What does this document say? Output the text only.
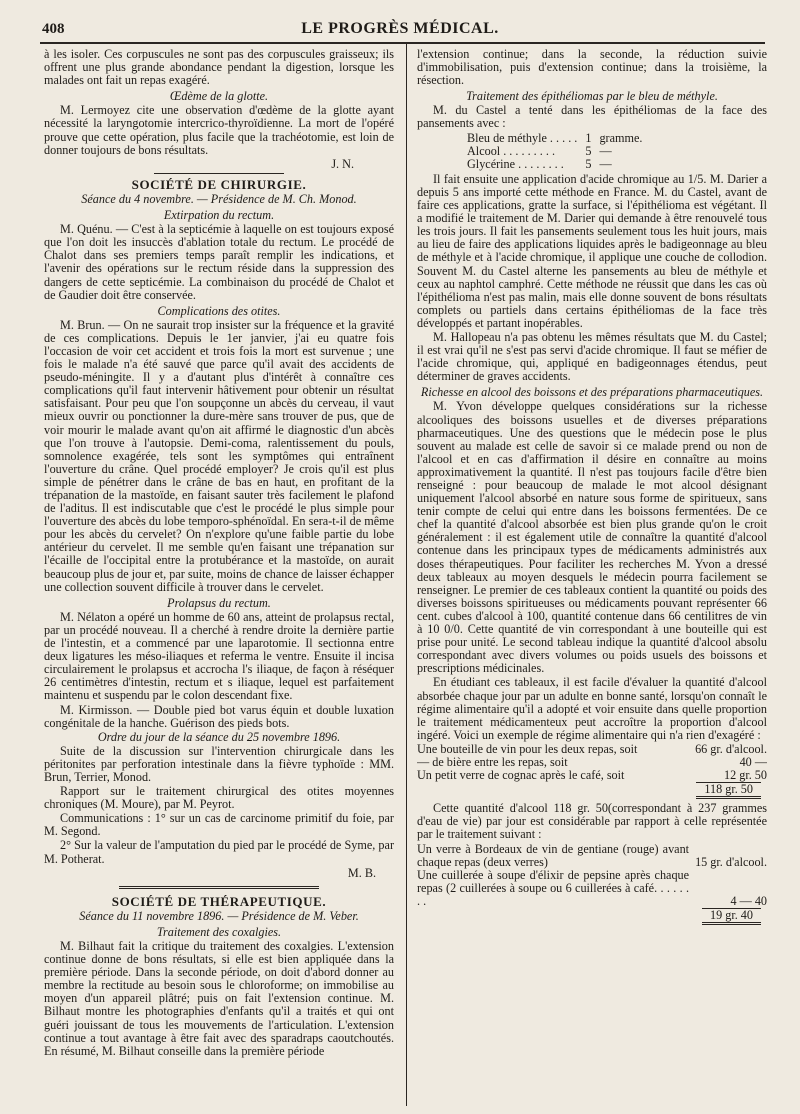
408	LE PROGRÈS MÉDICAL.

à les isoler. Ces corpuscules ne sont pas des corpuscules graisseux; ils offrent une plus grande abondance pendant la digestion, lorsque les malades ont fait un repas exagéré.

Œdème de la glotte.

M. Lermoyez cite une observation d'œdème de la glotte ayant nécessité la laryngotomie intercrico-thyroïdienne. La mort de l'opéré prouve que cette opération, plus facile que la trachéotomie, est loin de donner toujours de bons résultats.

J. N.
SOCIÉTÉ DE CHIRURGIE.
Séance du 4 novembre. — Présidence de M. Ch. Monod.
Extirpation du rectum.

M. Quénu. — C'est à la septicémie à laquelle on est toujours exposé que l'on doit les insuccès d'ablation totale du rectum. Le procédé de Chalot dans ses premiers temps paraît remplir les indications, et l'avenir des opérations sur le rectum réside dans la suppression des dangers de cette septicémie. La combinaison du procédé de Chalot et de Gaudier doit être conservée.

Complications des otites.

M. Brun. — On ne saurait trop insister sur la fréquence et la gravité de ces complications. Depuis le 1er janvier, j'ai eu quatre fois l'occasion de voir cet accident et trois fois la mort est survenue ; une fois le malade n'a été sauvé que parce qu'il avait des accidents de pseudo-méningite. Il y a d'autant plus d'intérêt à connaître ces complications qu'il faut intervenir hâtivement pour obtenir un résultat satisfaisant. Pour peu que l'on soupçonne un abcès du cerveau, il vaut mieux ouvrir ou ponctionner la dure-mère sans trouver de pus, que de voir mourir le malade avant qu'on ait affirmé le diagnostic d'un abcès que l'on trouve à l'autopsie. Demi-coma, ralentissement du pouls, somnolence exagérée, tels sont les symptômes qui entraînent l'ouverture du crâne. Quel procédé employer? Je crois qu'il est plus simple de pénétrer dans le crâne de bas en haut, en profitant de la trépanation de la mastoïde, en faisant sauter très facilement le plafond de l'aditus. Il est indiscutable que c'est le procédé le plus simple pour l'ouverture des abcès du lobe temporo-sphénoïdal. En sera-t-il de même pour les abcès du cervelet? On n'explore qu'une faible partie du lobe antérieur du cervelet. Il me semble qu'en faisant une trépanation sur l'écaille de l'occipital entre la protubérance et la mastoïde, on aurait beaucoup plus de jour et, par suite, moins de chance de laisser échapper une collection souvent difficile à trouver dans le cervelet.

Prolapsus du rectum.

M. Nélaton a opéré un homme de 60 ans, atteint de prolapsus rectal, par un procédé nouveau. Il a cherché à rendre droite la dernière partie de l'intestin, et a commencé par une laparotomie. Il sectionna entre deux ligatures les méso-iliaques et referma le ventre. Ensuite il incisa circulairement le prolapsus et accrocha l's iliaque, de façon à réséquer 26 centimètres d'intestin, rectum et s iliaque, lequel est parfaitement maintenu et suspendu par le colon descendant fixe.

M. Kirmisson. — Double pied bot varus équin et double luxation congénitale de la hanche. Guérison des pieds bots.

Ordre du jour de la séance du 25 novembre 1896.

Suite de la discussion sur l'intervention chirurgicale dans les péritonites par perforation intestinale dans la fièvre typhoïde : MM. Brun, Terrier, Monod.

Rapport sur le traitement chirurgical des otites moyennes chroniques (M. Moure), par M. Peyrot.

Communications : 1° sur un cas de carcinome primitif du foie, par M. Segond.

2° Sur la valeur de l'amputation du pied par le procédé de Syme, par M. Potherat.

M. B.
SOCIÉTÉ DE THÉRAPEUTIQUE.
Séance du 11 novembre 1896. — Présidence de M. Veber.
Traitement des coxalgies.

M. Bilhaut fait la critique du traitement des coxalgies. L'extension continue donne de bons résultats, si elle est bien appliquée dans la première période. Dans la seconde période, on doit d'abord donner au membre la rectitude au besoin sous le chloroforme; on immobilise au moyen d'un appareil plâtré; puis on fait l'extension continue. M. Bilhaut montre les photographies d'enfants qu'il a traités et qui ont guéri jouissant de tous les mouvements de l'articulation. L'extension continue a tout avantage à être fait avec des sparadraps caoutchoutés. En résumé, M. Bilhaut conseille dans la première période

l'extension continue; dans la seconde, la réduction suivie d'immobilisation, puis d'extension continue; dans la troisième, la résection.

Traitement des épithéliomas par le bleu de méthyle.

M. du Castel a tenté dans les épithéliomas de la face des pansements avec :

Bleu de méthyle . . . . .	1	gramme.
Alcool . . . . . . . . .	5	—
Glycérine . . . . . . . .	5	—

Il fait ensuite une application d'acide chromique au 1/5. M. Darier a depuis 5 ans importé cette méthode en France. M. du Castel, avant de faire ces applications, gratte la surface, si l'épithélioma est végétant. Il a modifié le traitement de M. Darier qui demande à être renouvelé tous les trois jours. Il fait les pansements seulement tous les huit jours, mais au lieu de faire des applications liquides après le badigeonnage au bleu de méthyle et à l'acide chromique, il applique une couche de collodion. Souvent M. du Castel alterne les pansements au bleu de méthyle et ceux au naphtol camphré. Cette méthode ne réussit que dans les cas où l'épithélioma n'est pas malin, mais elle donne souvent de bons résultats complets ou partiels dans certains épithéliomas de la face très développés et partant inopérables.

M. Hallopeau n'a pas obtenu les mêmes résultats que M. du Castel; il est vrai qu'il ne s'est pas servi d'acide chromique. Il faut se méfier de l'acide chromique, qui, appliqué en badigeonnages étendus, peut déterminer de graves accidents.

Richesse en alcool des boissons et des préparations pharmaceutiques.

M. Yvon développe quelques considérations sur la richesse alcooliques des boissons usuelles et de diverses préparations pharmaceutiques. Une des questions que le médecin pose le plus souvent au malade est celle de savoir si ce malade prend ou non de l'alcool et en cas d'affirmation il désire en connaître au moins approximativement la quantité. Il n'est pas toujours facile d'être bien renseigné : pour beaucoup de malade le mot alcool désignant uniquement l'alcool absorbé en nature sous forme de spiritueux, sans tenir compte de celui qui entre dans les boissons fermentées. De ce chef la quantité d'alcool absorbée est bien plus grande qu'on le croit généralement : il est également utile de connaître la quantité d'alcool contenue dans les principaux types de médicaments administrés aux doses thérapeutiques. Pour faciliter les recherches M. Yvon a dressé deux tableaux au moyen desquels le médecin pourra facilement se renseigner. Le premier de ces tableaux contient la quantité ou poids des diverses boissons spiritueuses ou médicaments pouvant représenter 66 cent. cubes d'alcool à 100, quantité contenue dans 66 centilitres de vin à 10 0/0. Cette quantité de vin correspondant à une bouteille qui est prise pour unité. Le second tableau indique la quantité d'alcool absolu correspondant avec divers volumes ou poids usuels des boissons et prescriptions médicinales.

En étudiant ces tableaux, il est facile d'évaluer la quantité d'alcool absorbée chaque jour par un adulte en bonne santé, lorsqu'on connaît le régime alimentaire qu'il a adopté et voir ensuite dans quelle proportion le traitement médicamenteux peut accroître la proportion d'alcool ingéré. Voici un exemple de régime alimentaire qui n'a rien d'exagéré :

Une bouteille de vin pour les deux repas, soit	66 gr. d'alcool.
— de bière entre les repas, soit	40 —
Un petit verre de cognac après le café, soit	12 gr. 50
118 gr. 50

Cette quantité d'alcool 118 gr. 50(correspondant à 237 grammes d'eau de vie) par jour est considérable par rapport à celle représentée par le traitement suivant :

Un verre à Bordeaux de vin de gentiane (rouge) avant chaque repas (deux verres)	15 gr. d'alcool.
Une cuillerée à soupe d'élixir de pepsine après chaque repas (2 cuillerées à soupe ou 6 cuillerées à café. . . . . . . .	4 — 40
19 gr. 40
